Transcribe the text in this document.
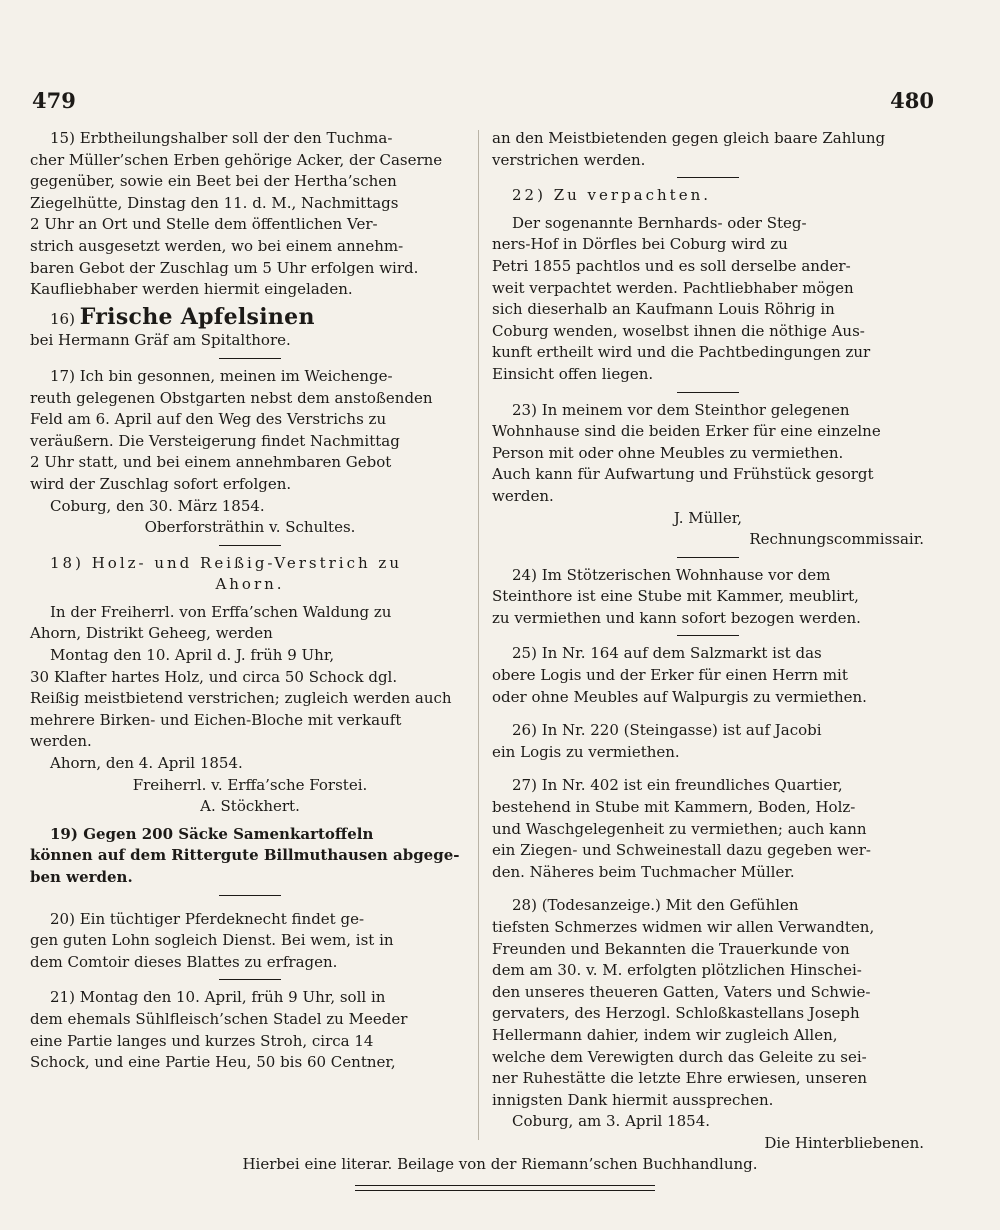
479	480

15) Erbtheilungshalber soll der den Tuchma-

cher Müller’schen Erben gehörige Acker, der Caserne

gegenüber, sowie ein Beet bei der Hertha’schen

Ziegelhütte, Dinstag den 11. d. M., Nachmittags

2 Uhr an Ort und Stelle dem öffentlichen Ver-

strich ausgesetzt werden, wo bei einem annehm-

baren Gebot der Zuschlag um 5 Uhr erfolgen wird.

Kaufliebhaber werden hiermit eingeladen.

16) Frische Apfelsinen

bei Hermann Gräf am Spitalthore.

17) Ich bin gesonnen, meinen im Weichenge-

reuth gelegenen Obstgarten nebst dem anstoßenden

Feld am 6. April auf den Weg des Verstrichs zu

veräußern. Die Versteigerung findet Nachmittag

2 Uhr statt, und bei einem annehmbaren Gebot

wird der Zuschlag sofort erfolgen.

Coburg, den 30. März 1854.

Oberforsträthin v. Schultes.

18) Holz- und Reißig-Verstrich zu

Ahorn.

In der Freiherrl. von Erffa’schen Waldung zu

Ahorn, Distrikt Geheeg, werden

Montag den 10. April d. J. früh 9 Uhr,

30 Klafter hartes Holz, und circa 50 Schock dgl.

Reißig meistbietend verstrichen; zugleich werden auch

mehrere Birken- und Eichen-Bloche mit verkauft

werden.

Ahorn, den 4. April 1854.

Freiherrl. v. Erffa’sche Forstei.

A. Stöckhert.

19) Gegen 200 Säcke Samenkartoffeln

können auf dem Rittergute Billmuthausen abgege-

ben werden.

20) Ein tüchtiger Pferdeknecht findet ge-

gen guten Lohn sogleich Dienst. Bei wem, ist in

dem Comtoir dieses Blattes zu erfragen.

21) Montag den 10. April, früh 9 Uhr, soll in

dem ehemals Sühlfleisch’schen Stadel zu Meeder

eine Partie langes und kurzes Stroh, circa 14

Schock, und eine Partie Heu, 50 bis 60 Centner,

an den Meistbietenden gegen gleich baare Zahlung

verstrichen werden.

22) Zu verpachten.

Der sogenannte Bernhards- oder Steg-

ners-Hof in Dörfles bei Coburg wird zu

Petri 1855 pachtlos und es soll derselbe ander-

weit verpachtet werden. Pachtliebhaber mögen

sich dieserhalb an Kaufmann Louis Röhrig in

Coburg wenden, woselbst ihnen die nöthige Aus-

kunft ertheilt wird und die Pachtbedingungen zur

Einsicht offen liegen.

23) In meinem vor dem Steinthor gelegenen

Wohnhause sind die beiden Erker für eine einzelne

Person mit oder ohne Meubles zu vermiethen.

Auch kann für Aufwartung und Frühstück gesorgt

werden.

J. Müller,

Rechnungscommissair.

24) Im Stötzerischen Wohnhause vor dem

Steinthore ist eine Stube mit Kammer, meublirt,

zu vermiethen und kann sofort bezogen werden.

25) In Nr. 164 auf dem Salzmarkt ist das

obere Logis und der Erker für einen Herrn mit

oder ohne Meubles auf Walpurgis zu vermiethen.

26) In Nr. 220 (Steingasse) ist auf Jacobi

ein Logis zu vermiethen.

27) In Nr. 402 ist ein freundliches Quartier,

bestehend in Stube mit Kammern, Boden, Holz-

und Waschgelegenheit zu vermiethen; auch kann

ein Ziegen- und Schweinestall dazu gegeben wer-

den. Näheres beim Tuchmacher Müller.

28) (Todesanzeige.) Mit den Gefühlen

tiefsten Schmerzes widmen wir allen Verwandten,

Freunden und Bekannten die Trauerkunde von

dem am 30. v. M. erfolgten plötzlichen Hinschei-

den unseres theueren Gatten, Vaters und Schwie-

gervaters, des Herzogl. Schloßkastellans Joseph

Hellermann dahier, indem wir zugleich Allen,

welche dem Verewigten durch das Geleite zu sei-

ner Ruhestätte die letzte Ehre erwiesen, unseren

innigsten Dank hiermit aussprechen.

Coburg, am 3. April 1854.

Die Hinterbliebenen.

Hierbei eine literar. Beilage von der Riemann’schen Buchhandlung.
